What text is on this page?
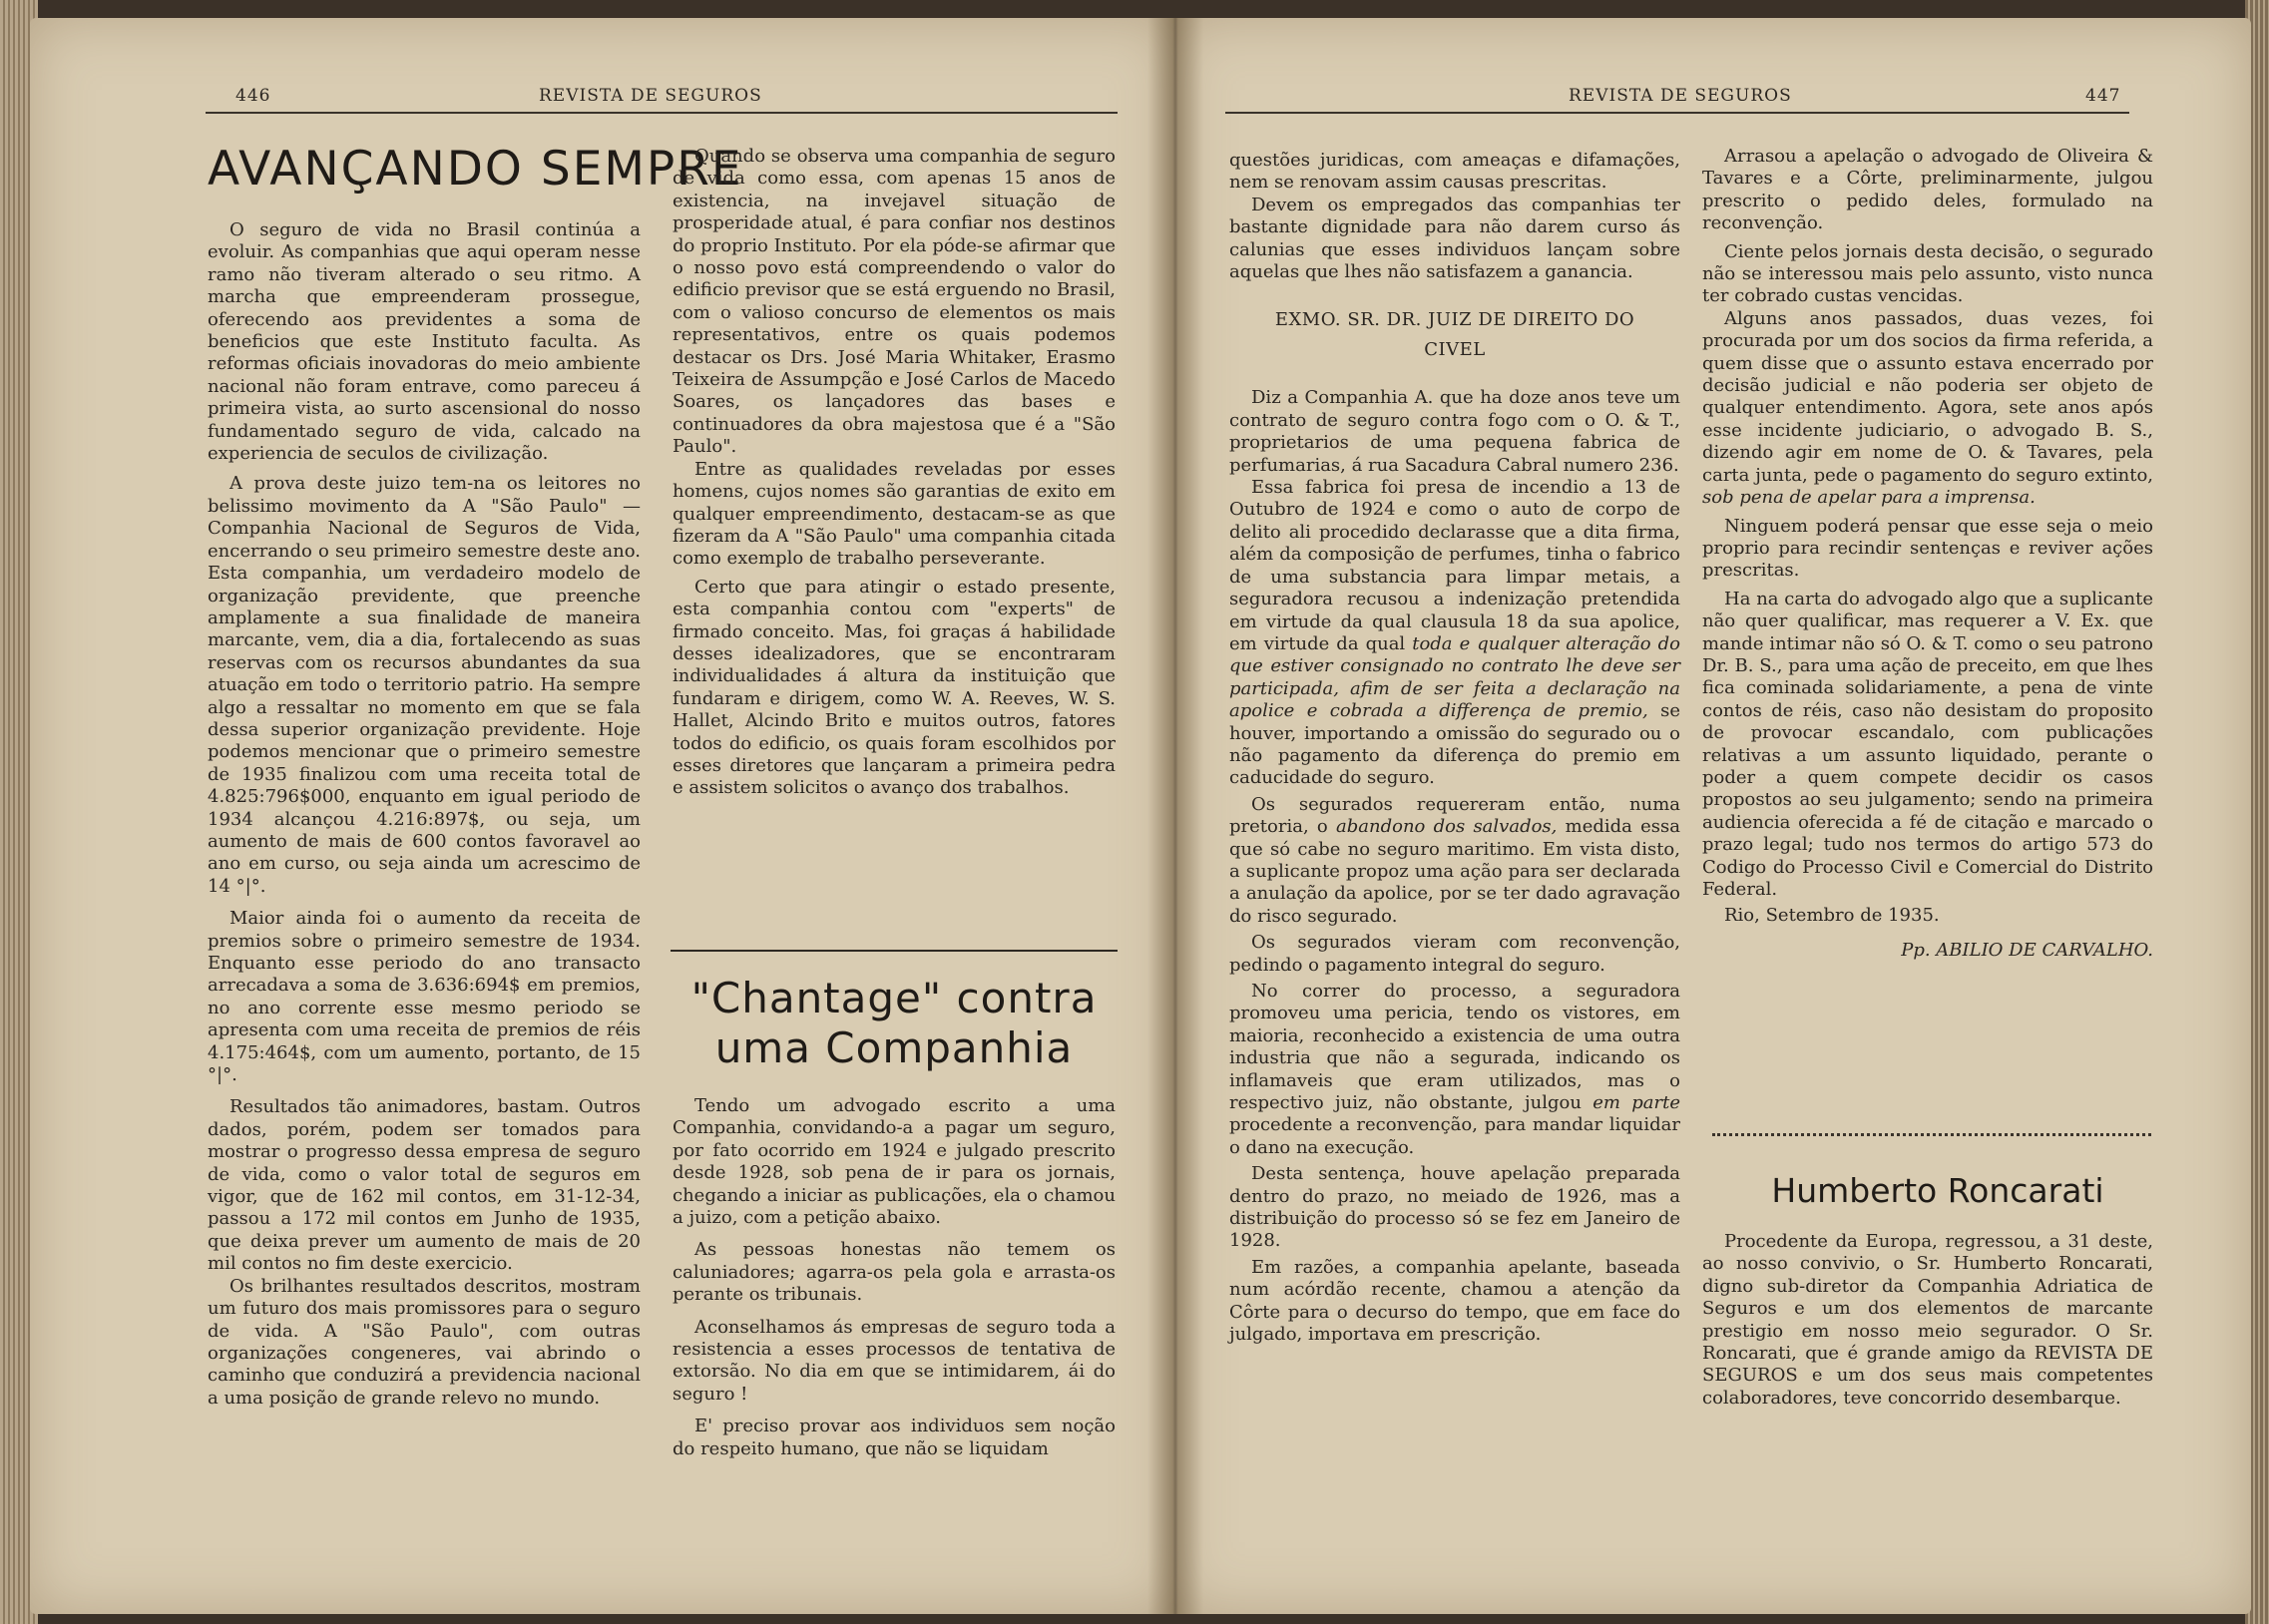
446	REVISTA DE SEGUROS
AVANÇANDO SEMPRE

O seguro de vida no Brasil continúa a evoluir. As companhias que aqui operam nesse ramo não tiveram alterado o seu ritmo. A marcha que empreenderam prossegue, oferecendo aos previdentes a soma de beneficios que este Instituto faculta. As reformas oficiais inovadoras do meio ambiente nacional não foram entrave, como pareceu á primeira vista, ao surto ascensional do nosso fundamentado seguro de vida, calcado na experiencia de seculos de civilização.

A prova deste juizo tem-na os leitores no belissimo movimento da A "São Paulo" — Companhia Nacional de Seguros de Vida, encerrando o seu primeiro semestre deste ano. Esta companhia, um verdadeiro modelo de organização previdente, que preenche amplamente a sua finalidade de maneira marcante, vem, dia a dia, fortalecendo as suas reservas com os recursos abundantes da sua atuação em todo o territorio patrio. Ha sempre algo a ressaltar no momento em que se fala dessa superior organização previdente. Hoje podemos mencionar que o primeiro semestre de 1935 finalizou com uma receita total de 4.825:796$000, enquanto em igual periodo de 1934 alcançou 4.216:897$, ou seja, um aumento de mais de 600 contos favoravel ao ano em curso, ou seja ainda um acrescimo de 14 °|°.

Maior ainda foi o aumento da receita de premios sobre o primeiro semestre de 1934. Enquanto esse periodo do ano transacto arrecadava a soma de 3.636:694$ em premios, no ano corrente esse mesmo periodo se apresenta com uma receita de premios de réis 4.175:464$, com um aumento, portanto, de 15 °|°.

Resultados tão animadores, bastam. Outros dados, porém, podem ser tomados para mostrar o progresso dessa empresa de seguro de vida, como o valor total de seguros em vigor, que de 162 mil contos, em 31-12-34, passou a 172 mil contos em Junho de 1935, que deixa prever um aumento de mais de 20 mil contos no fim deste exercicio.

Os brilhantes resultados descritos, mostram um futuro dos mais promissores para o seguro de vida. A "São Paulo", com outras organizações congeneres, vai abrindo o caminho que conduzirá a previdencia nacional a uma posição de grande relevo no mundo.

Quando se observa uma companhia de seguro de vida como essa, com apenas 15 anos de existencia, na invejavel situação de prosperidade atual, é para confiar nos destinos do proprio Instituto. Por ela póde-se afirmar que o nosso povo está compreendendo o valor do edificio previsor que se está erguendo no Brasil, com o valioso concurso de elementos os mais representativos, entre os quais podemos destacar os Drs. José Maria Whitaker, Erasmo Teixeira de Assumpção e José Carlos de Macedo Soares, os lançadores das bases e continuadores da obra majestosa que é a "São Paulo".

Entre as qualidades reveladas por esses homens, cujos nomes são garantias de exito em qualquer empreendimento, destacam-se as que fizeram da A "São Paulo" uma companhia citada como exemplo de trabalho perseverante.

Certo que para atingir o estado presente, esta companhia contou com "experts" de firmado conceito. Mas, foi graças á habilidade desses idealizadores, que se encontraram individualidades á altura da instituição que fundaram e dirigem, como W. A. Reeves, W. S. Hallet, Alcindo Brito e muitos outros, fatores todos do edificio, os quais foram escolhidos por esses diretores que lançaram a primeira pedra e assistem solicitos o avanço dos trabalhos.

"Chantage" contra uma Companhia

Tendo um advogado escrito a uma Companhia, convidando-a a pagar um seguro, por fato ocorrido em 1924 e julgado prescrito desde 1928, sob pena de ir para os jornais, chegando a iniciar as publicações, ela o chamou a juizo, com a petição abaixo.

As pessoas honestas não temem os caluniadores; agarra-os pela gola e arrasta-os perante os tribunais.

Aconselhamos ás empresas de seguro toda a resistencia a esses processos de tentativa de extorsão. No dia em que se intimidarem, ái do seguro !

E' preciso provar aos individuos sem noção do respeito humano, que não se liquidam

REVISTA DE SEGUROS	447

questões juridicas, com ameaças e difamações, nem se renovam assim causas prescritas.

Devem os empregados das companhias ter bastante dignidade para não darem curso ás calunias que esses individuos lançam sobre aquelas que lhes não satisfazem a ganancia.

EXMO. SR. DR. JUIZ DE DIREITO DO CIVEL

Diz a Companhia A. que ha doze anos teve um contrato de seguro contra fogo com o O. & T., proprietarios de uma pequena fabrica de perfumarias, á rua Sacadura Cabral numero 236.

Essa fabrica foi presa de incendio a 13 de Outubro de 1924 e como o auto de corpo de delito ali procedido declarasse que a dita firma, além da composição de perfumes, tinha o fabrico de uma substancia para limpar metais, a seguradora recusou a indenização pretendida em virtude da qual clausula 18 da sua apolice, em virtude da qual toda e qualquer alteração do que estiver consignado no contrato lhe deve ser participada, afim de ser feita a declaração na apolice e cobrada a differença de premio, se houver, importando a omissão do segurado ou o não pagamento da diferença do premio em caducidade do seguro.

Os segurados requereram então, numa pretoria, o abandono dos salvados, medida essa que só cabe no seguro maritimo. Em vista disto, a suplicante propoz uma ação para ser declarada a anulação da apolice, por se ter dado agravação do risco segurado.

Os segurados vieram com reconvenção, pedindo o pagamento integral do seguro.

No correr do processo, a seguradora promoveu uma pericia, tendo os vistores, em maioria, reconhecido a existencia de uma outra industria que não a segurada, indicando os inflamaveis que eram utilizados, mas o respectivo juiz, não obstante, julgou em parte procedente a reconvenção, para mandar liquidar o dano na execução.

Desta sentença, houve apelação preparada dentro do prazo, no meiado de 1926, mas a distribuição do processo só se fez em Janeiro de 1928.

Em razões, a companhia apelante, baseada num acórdão recente, chamou a atenção da Côrte para o decurso do tempo, que em face do julgado, importava em prescrição.

Arrasou a apelação o advogado de Oliveira & Tavares e a Côrte, preliminarmente, julgou prescrito o pedido deles, formulado na reconvenção.

Ciente pelos jornais desta decisão, o segurado não se interessou mais pelo assunto, visto nunca ter cobrado custas vencidas.

Alguns anos passados, duas vezes, foi procurada por um dos socios da firma referida, a quem disse que o assunto estava encerrado por decisão judicial e não poderia ser objeto de qualquer entendimento. Agora, sete anos após esse incidente judiciario, o advogado B. S., dizendo agir em nome de O. & Tavares, pela carta junta, pede o pagamento do seguro extinto, sob pena de apelar para a imprensa.

Ninguem poderá pensar que esse seja o meio proprio para recindir sentenças e reviver ações prescritas.

Ha na carta do advogado algo que a suplicante não quer qualificar, mas requerer a V. Ex. que mande intimar não só O. & T. como o seu patrono Dr. B. S., para uma ação de preceito, em que lhes fica cominada solidariamente, a pena de vinte contos de réis, caso não desistam do proposito de provocar escandalo, com publicações relativas a um assunto liquidado, perante o poder a quem compete decidir os casos propostos ao seu julgamento; sendo na primeira audiencia oferecida a fé de citação e marcado o prazo legal; tudo nos termos do artigo 573 do Codigo do Processo Civil e Comercial do Distrito Federal.

Rio, Setembro de 1935.

Pp. ABILIO DE CARVALHO.

Humberto Roncarati

Procedente da Europa, regressou, a 31 deste, ao nosso convivio, o Sr. Humberto Roncarati, digno sub-diretor da Companhia Adriatica de Seguros e um dos elementos de marcante prestigio em nosso meio segurador. O Sr. Roncarati, que é grande amigo da REVISTA DE SEGUROS e um dos seus mais competentes colaboradores, teve concorrido desembarque.
